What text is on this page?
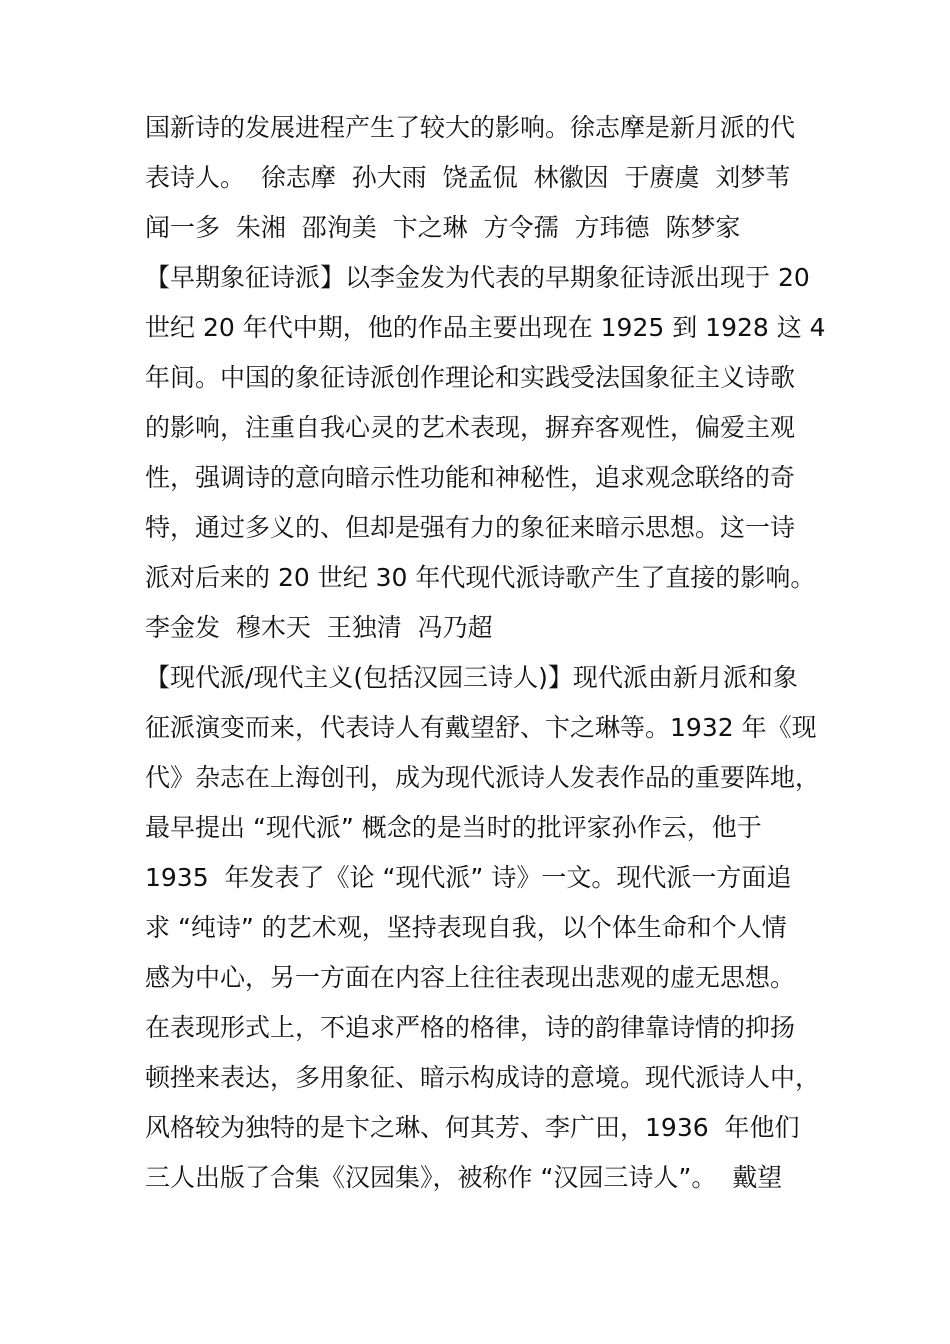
国新诗的发展进程产生了较大的影响。徐志摩是新月派的代
表诗人。  徐志摩  孙大雨  饶孟侃  林徽因  于赓虞  刘梦苇
闻一多  朱湘  邵洵美  卞之琳  方令孺  方玮德  陈梦家
【早期象征诗派】以李金发为代表的早期象征诗派出现于 20
世纪 20 年代中期，他的作品主要出现在 1925 到 1928 这 4
年间。中国的象征诗派创作理论和实践受法国象征主义诗歌
的影响，注重自我心灵的艺术表现，摒弃客观性，偏爱主观
性，强调诗的意向暗示性功能和神秘性，追求观念联络的奇
特，通过多义的、但却是强有力的象征来暗示思想。这一诗
派对后来的 20 世纪 30 年代现代派诗歌产生了直接的影响。
李金发  穆木天  王独清  冯乃超
【现代派/现代主义(包括汉园三诗人)】现代派由新月派和象
征派演变而来，代表诗人有戴望舒、卞之琳等。1932 年《现
代》杂志在上海创刊，成为现代派诗人发表作品的重要阵地，
最早提出 “现代派” 概念的是当时的批评家孙作云，他于
1935  年发表了《论 “现代派” 诗》一文。现代派一方面追
求 “纯诗” 的艺术观，坚持表现自我，以个体生命和个人情
感为中心，另一方面在内容上往往表现出悲观的虚无思想。
在表现形式上，不追求严格的格律，诗的韵律靠诗情的抑扬
顿挫来表达，多用象征、暗示构成诗的意境。现代派诗人中，
风格较为独特的是卞之琳、何其芳、李广田，1936  年他们
三人出版了合集《汉园集》，被称作 “汉园三诗人”。  戴望
